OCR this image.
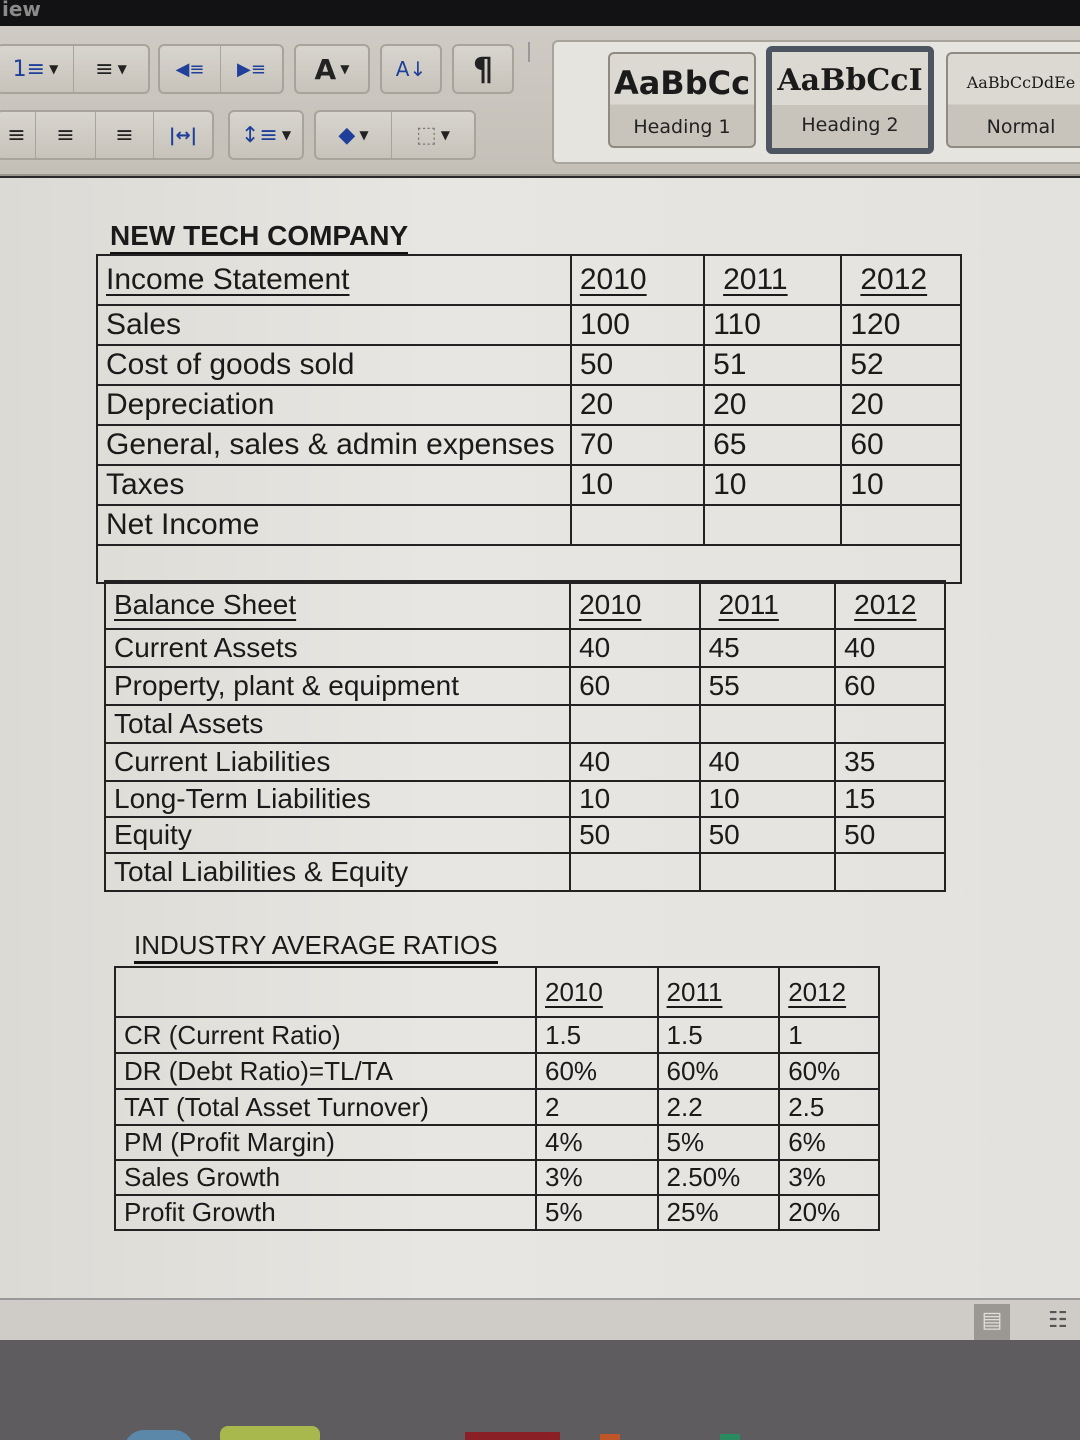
iew
1≡ ▼ ≡ ▼	◀≡ ▶≡ A ▼ A↓ ¶
≡ ≡ ≡ |↔| ↕≡ ▼ ◆ ▼ ⬚ ▼
AaBbCc
Heading 1
AaBbCcI
Heading 2
AaBbCcDdEe
Normal
NEW TECH COMPANY
Income Statement	2010	2011	2012
Sales	100	110	120
Cost of goods sold	50	51	52
Depreciation	20	20	20
General, sales & admin expenses	70	65	60
Taxes	10	10	10
Net Income			

Balance Sheet	2010	2011	2012
Current Assets	40	45	40
Property, plant & equipment	60	55	60
Total Assets			
Current Liabilities	40	40	35
Long-Term Liabilities	10	10	15
Equity	50	50	50
Total Liabilities & Equity			
INDUSTRY AVERAGE RATIOS
	2010	2011	2012
CR (Current Ratio)	1.5	1.5	1
DR (Debt Ratio)=TL/TA	60%	60%	60%
TAT (Total Asset Turnover)	2	2.2	2.5
PM (Profit Margin)	4%	5%	6%
Sales Growth	3%	2.50%	3%
Profit Growth	5%	25%	20%
▤	☷
